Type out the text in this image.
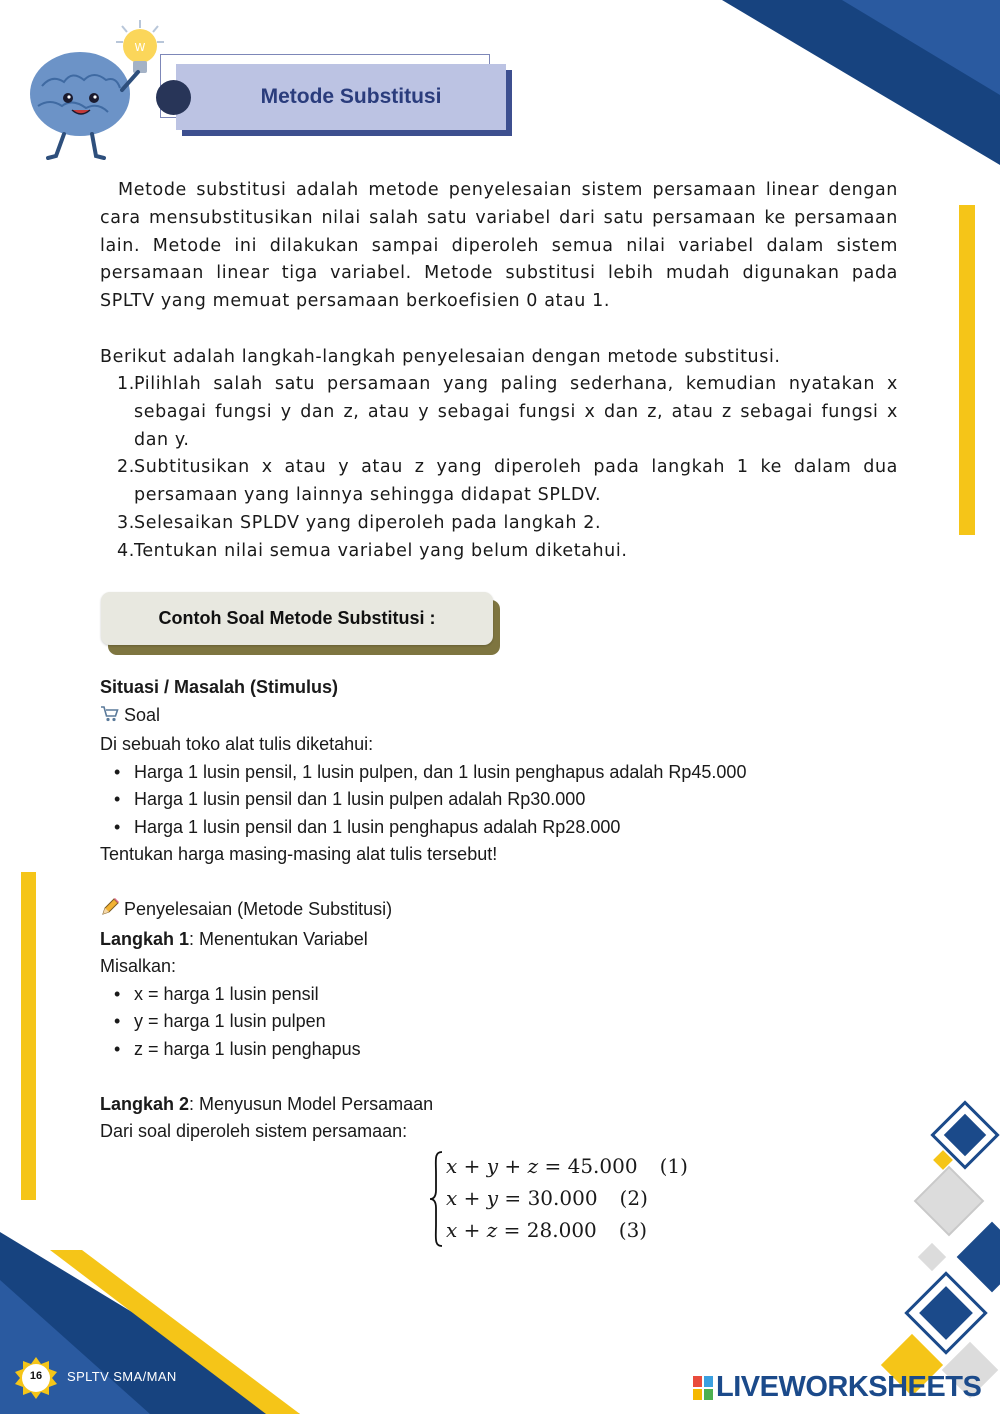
W
Metode Substitusi
Metode substitusi adalah metode penyelesaian sistem persamaan linear dengan cara mensubstitusikan nilai salah satu variabel dari satu persamaan ke persamaan lain. Metode ini dilakukan sampai diperoleh semua nilai variabel dalam sistem persamaan linear tiga variabel. Metode substitusi lebih mudah digunakan pada SPLTV yang memuat persamaan berkoefisien 0 atau 1.
Berikut adalah langkah-langkah penyelesaian dengan metode substitusi.
1. Pilihlah salah satu persamaan yang paling sederhana, kemudian nyatakan x sebagai fungsi y dan z, atau y sebagai fungsi x dan z, atau z sebagai fungsi x dan y.
2. Subtitusikan x atau y atau z yang diperoleh pada langkah 1 ke dalam dua persamaan yang lainnya sehingga didapat SPLDV.
3. Selesaikan SPLDV yang diperoleh pada langkah 2.
4. Tentukan nilai semua variabel yang belum diketahui.
Contoh Soal Metode Substitusi :
Situasi / Masalah (Stimulus)
Soal
Di sebuah toko alat tulis diketahui:
• Harga 1 lusin pensil, 1 lusin pulpen, dan 1 lusin penghapus adalah Rp45.000
• Harga 1 lusin pensil dan 1 lusin pulpen adalah Rp30.000
• Harga 1 lusin pensil dan 1 lusin penghapus adalah Rp28.000
Tentukan harga masing-masing alat tulis tersebut!
Penyelesaian (Metode Substitusi)
Langkah 1: Menentukan Variabel
Misalkan:
• x = harga 1 lusin pensil
• y = harga 1 lusin pulpen
• z = harga 1 lusin penghapus
Langkah 2: Menyusun Model Persamaan
Dari soal diperoleh sistem persamaan:
x + y + z = 45.000 (1)
x + y = 30.000 (2)
x + z = 28.000 (3)
16	SPLTV SMA/MAN	LIVEWORKSHEETS
